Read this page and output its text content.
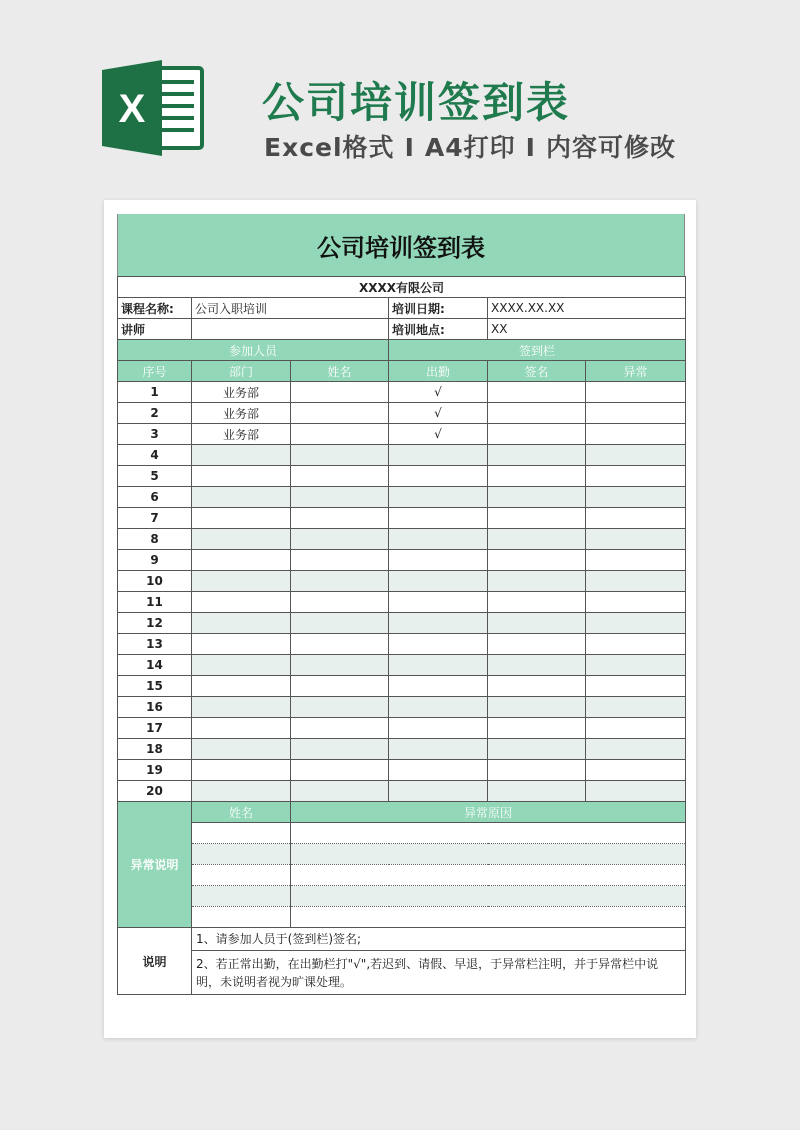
X	公司培训签到表
Excel格式 I A4打印 I 内容可修改
公司培训签到表
XXXX有限公司					
课程名称:	公司入职培训		培训日期:	XXXX.XX.XX	
讲师			培训地点:	XX	
参加人员			签到栏		
序号	部门	姓名	出勤	签名	异常
1	业务部		√		
2	业务部		√		
3	业务部		√		
4					
5					
6					
7					
8					
9					
10					
11					
12					
13					
14					
15					
16					
17					
18					
19					
20					
异常说明	姓名	异常原因			

说明	1、请参加人员于(签到栏)签名;				
	2、若正常出勤，在出勤栏打"√",若迟到、请假、早退，于异常栏注明，并于异常栏中说明，未说明者视为旷课处理。				
